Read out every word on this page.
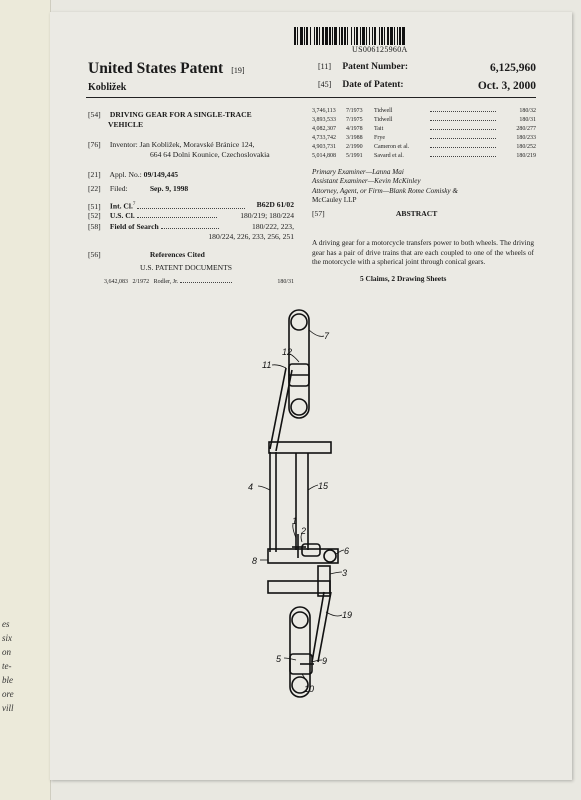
es
six
on
te-
ble
ore
vill
US006125960A
United States Patent [19]
Kobližek
[11] Patent Number:	6,125,960
[45] Date of Patent:	Oct. 3, 2000
[54] DRIVING GEAR FOR A SINGLE-TRACE
VEHICLE
[76] Inventor: Jan Kobližek, Moravské Bránice 124,
664 64 Dolni Kounice, Czechoslovakia
[21] Appl. No.: 09/149,445
[22] Filed:	Sep. 9, 1998
[51] Int. Cl.$^7$	B62D 61/02
[52] U.S. Cl.	180/219; 180/224
[58] Field of Search	180/222, 223,

180/224, 226, 233, 256, 251
[56]	References Cited
U.S. PATENT DOCUMENTS
3,642,083 2/1972 Rodler, Jr.	180/31
3,746,113 7/1973 Tidwell	180/32
3,893,533 7/1975 Tidwell	180/31
4,082,307 4/1978 Tait	280/277
4,733,742 3/1988 Frye	180/233
4,903,731 2/1990 Cameron et al.	180/252
5,014,808 5/1991 Savard et al.	180/219
Primary Examiner—Lanna Mai
Assistant Examiner—Kevin McKinley
Attorney, Agent, or Firm—Blank Rome Comisky &
McCauley LLP
[57]	ABSTRACT
A driving gear for a motorcycle transfers power to both wheels. The driving gear has a pair of drive trains that are each coupled to one of the wheels of the motorcycle with a spherical joint through conical gears.
5 Claims, 2 Drawing Sheets
7
12
11
4	15
1
2
6
8
3
19
5	9
10
